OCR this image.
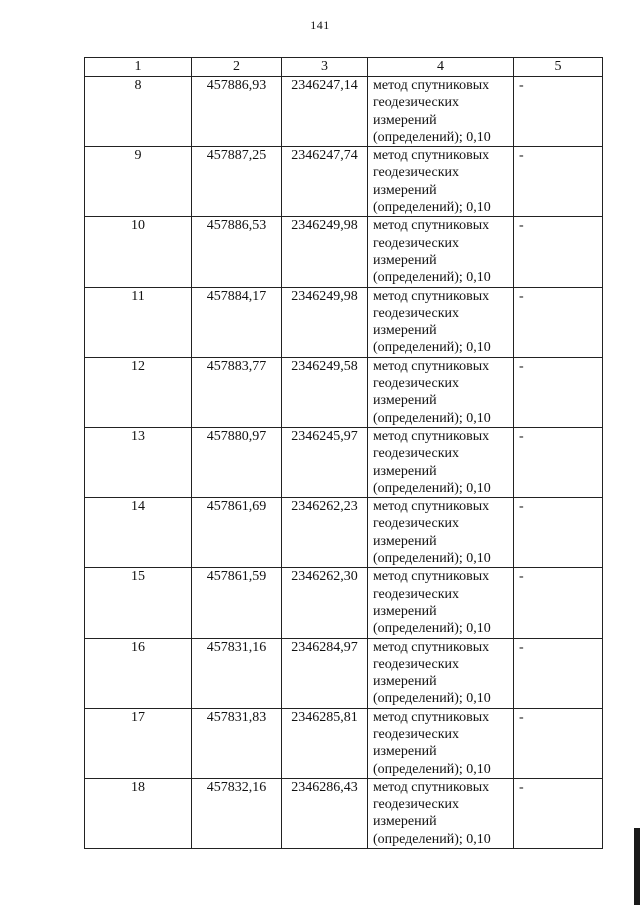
141
1	2	3	4	5
8	457886,93	2346247,14	метод спутниковых
геодезических
измерений
(определений); 0,10	-
9	457887,25	2346247,74	метод спутниковых
геодезических
измерений
(определений); 0,10	-
10	457886,53	2346249,98	метод спутниковых
геодезических
измерений
(определений); 0,10	-
11	457884,17	2346249,98	метод спутниковых
геодезических
измерений
(определений); 0,10	-
12	457883,77	2346249,58	метод спутниковых
геодезических
измерений
(определений); 0,10	-
13	457880,97	2346245,97	метод спутниковых
геодезических
измерений
(определений); 0,10	-
14	457861,69	2346262,23	метод спутниковых
геодезических
измерений
(определений); 0,10	-
15	457861,59	2346262,30	метод спутниковых
геодезических
измерений
(определений); 0,10	-
16	457831,16	2346284,97	метод спутниковых
геодезических
измерений
(определений); 0,10	-
17	457831,83	2346285,81	метод спутниковых
геодезических
измерений
(определений); 0,10	-
18	457832,16	2346286,43	метод спутниковых
геодезических
измерений
(определений); 0,10	-
